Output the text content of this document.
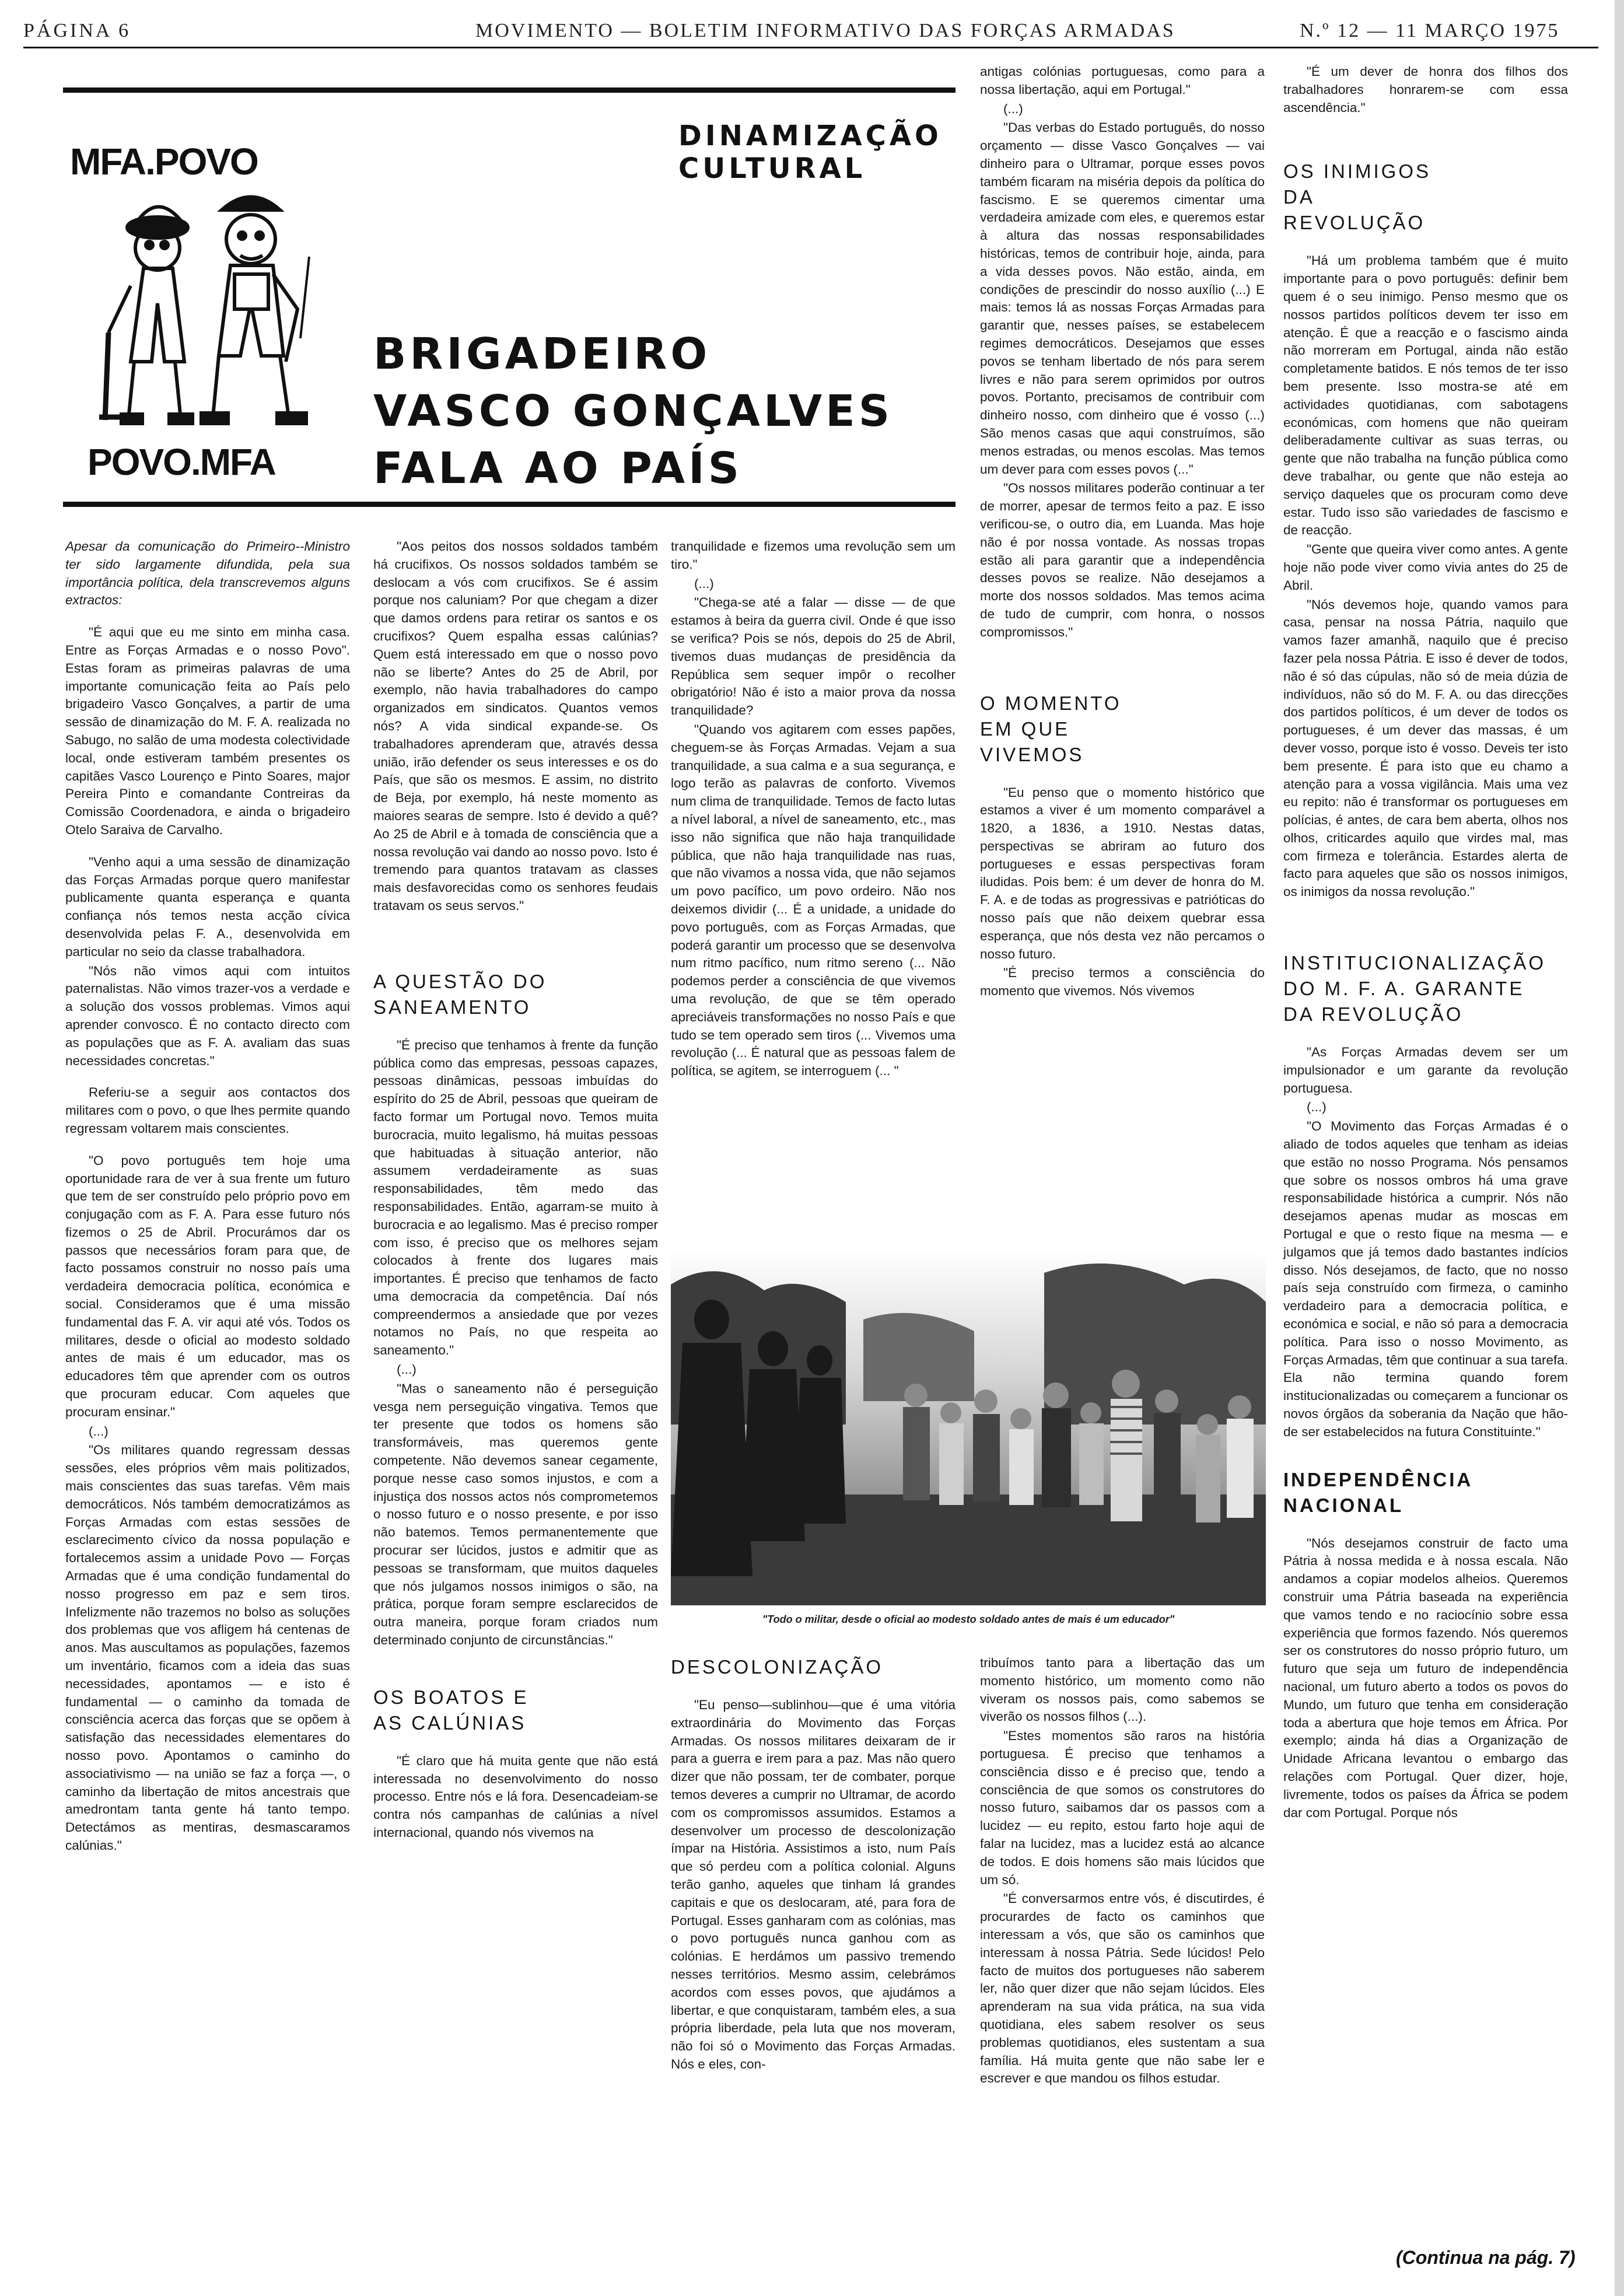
PÁGINA 6	MOVIMENTO — BOLETIM INFORMATIVO DAS FORÇAS ARMADAS	N.º 12 — 11 MARÇO 1975
MFA.POVO
POVO.MFA
DINAMIZAÇÃO
CULTURAL
BRIGADEIRO
VASCO GONÇALVES
FALA AO PAÍS

Apesar da comunicação do Primeiro--Ministro ter sido largamente difundida, pela sua importância política, dela transcrevemos alguns extractos:

"É aqui que eu me sinto em minha casa. Entre as Forças Armadas e o nosso Povo". Estas foram as primeiras palavras de uma importante comunicação feita ao País pelo brigadeiro Vasco Gonçalves, a partir de uma sessão de dinamização do M. F. A. realizada no Sabugo, no salão de uma modesta colectividade local, onde estiveram também presentes os capitães Vasco Lourenço e Pinto Soares, major Pereira Pinto e comandante Contreiras da Comissão Coordenadora, e ainda o brigadeiro Otelo Saraiva de Carvalho.

"Venho aqui a uma sessão de dinamização das Forças Armadas porque quero manifestar publicamente quanta esperança e quanta confiança nós temos nesta acção cívica desenvolvida pelas F. A., desenvolvida em particular no seio da classe trabalhadora.

"Nós não vimos aqui com intuitos paternalistas. Não vimos trazer-vos a verdade e a solução dos vossos problemas. Vimos aqui aprender convosco. É no contacto directo com as populações que as F. A. avaliam das suas necessidades concretas."

Referiu-se a seguir aos contactos dos militares com o povo, o que lhes permite quando regressam voltarem mais conscientes.

"O povo português tem hoje uma oportunidade rara de ver à sua frente um futuro que tem de ser construído pelo próprio povo em conjugação com as F. A. Para esse futuro nós fizemos o 25 de Abril. Procurámos dar os passos que necessários foram para que, de facto possamos construir no nosso país uma verdadeira democracia política, económica e social. Consideramos que é uma missão fundamental das F. A. vir aqui até vós. Todos os militares, desde o oficial ao modesto soldado antes de mais é um educador, mas os educadores têm que aprender com os outros que procuram educar. Com aqueles que procuram ensinar."

(...)

"Os militares quando regressam dessas sessões, eles próprios vêm mais politizados, mais conscientes das suas tarefas. Vêm mais democráticos. Nós também democratizámos as Forças Armadas com estas sessões de esclarecimento cívico da nossa população e fortalecemos assim a unidade Povo — Forças Armadas que é uma condição fundamental do nosso progresso em paz e sem tiros. Infelizmente não trazemos no bolso as soluções dos problemas que vos afligem há centenas de anos. Mas auscultamos as populações, fazemos um inventário, ficamos com a ideia das suas necessidades, apontamos — e isto é fundamental — o caminho da tomada de consciência acerca das forças que se opõem à satisfação das necessidades elementares do nosso povo. Apontamos o caminho do associativismo — na união se faz a força —, o caminho da libertação de mitos ancestrais que amedrontam tanta gente há tanto tempo. Detectámos as mentiras, desmascaramos calúnias."

"Aos peitos dos nossos soldados também há crucifixos. Os nossos soldados também se deslocam a vós com crucifixos. Se é assim porque nos caluniam? Por que chegam a dizer que damos ordens para retirar os santos e os crucifixos? Quem espalha essas calúnias? Quem está interessado em que o nosso povo não se liberte? Antes do 25 de Abril, por exemplo, não havia trabalhadores do campo organizados em sindicatos. Quantos vemos nós? A vida sindical expande-se. Os trabalhadores aprenderam que, através dessa união, irão defender os seus interesses e os do País, que são os mesmos. E assim, no distrito de Beja, por exemplo, há neste momento as maiores searas de sempre. Isto é devido a quê? Ao 25 de Abril e à tomada de consciência que a nossa revolução vai dando ao nosso povo. Isto é tremendo para quantos tratavam as classes mais desfavorecidas como os senhores feudais tratavam os seus servos."

A QUESTÃO DO SANEAMENTO

"É preciso que tenhamos à frente da função pública como das empresas, pessoas capazes, pessoas dinâmicas, pessoas imbuídas do espírito do 25 de Abril, pessoas que queiram de facto formar um Portugal novo. Temos muita burocracia, muito legalismo, há muitas pessoas que habituadas à situação anterior, não assumem verdadeiramente as suas responsabilidades, têm medo das responsabilidades. Então, agarram-se muito à burocracia e ao legalismo. Mas é preciso romper com isso, é preciso que os melhores sejam colocados à frente dos lugares mais importantes. É preciso que tenhamos de facto uma democracia da competência. Daí nós compreendermos a ansiedade que por vezes notamos no País, no que respeita ao saneamento."

(...)

"Mas o saneamento não é perseguição vesga nem perseguição vingativa. Temos que ter presente que todos os homens são transformáveis, mas queremos gente competente. Não devemos sanear cegamente, porque nesse caso somos injustos, e com a injustiça dos nossos actos nós comprometemos o nosso futuro e o nosso presente, e por isso não batemos. Temos permanentemente que procurar ser lúcidos, justos e admitir que as pessoas se transformam, que muitos daqueles que nós julgamos nossos inimigos o são, na prática, porque foram sempre esclarecidos de outra maneira, porque foram criados num determinado conjunto de circunstâncias."

OS BOATOS E AS CALÚNIAS

"É claro que há muita gente que não está interessada no desenvolvimento do nosso processo. Entre nós e lá fora. Desencadeiam-se contra nós campanhas de calúnias a nível internacional, quando nós vivemos na

tranquilidade e fizemos uma revolução sem um tiro."

(...)

"Chega-se até a falar — disse — de que estamos à beira da guerra civil. Onde é que isso se verifica? Pois se nós, depois do 25 de Abril, tivemos duas mudanças de presidência da República sem sequer impôr o recolher obrigatório! Não é isto a maior prova da nossa tranquilidade?

"Quando vos agitarem com esses papões, cheguem-se às Forças Armadas. Vejam a sua tranquilidade, a sua calma e a sua segurança, e logo terão as palavras de conforto. Vivemos num clima de tranquilidade. Temos de facto lutas a nível laboral, a nível de saneamento, etc., mas isso não significa que não haja tranquilidade pública, que não haja tranquilidade nas ruas, que não vivamos a nossa vida, que não sejamos um povo pacífico, um povo ordeiro. Não nos deixemos dividir (... É a unidade, a unidade do povo português, com as Forças Armadas, que poderá garantir um processo que se desenvolva num ritmo pacífico, num ritmo sereno (... Não podemos perder a consciência de que vivemos uma revolução, de que se têm operado apreciáveis transformações no nosso País e que tudo se tem operado sem tiros (... Vivemos uma revolução (... É natural que as pessoas falem de política, se agitem, se interroguem (... "

antigas colónias portuguesas, como para a nossa libertação, aqui em Portugal."

(...)

"Das verbas do Estado português, do nosso orçamento — disse Vasco Gonçalves — vai dinheiro para o Ultramar, porque esses povos também ficaram na miséria depois da política do fascismo. E se queremos cimentar uma verdadeira amizade com eles, e queremos estar à altura das nossas responsabilidades históricas, temos de contribuir hoje, ainda, para a vida desses povos. Não estão, ainda, em condições de prescindir do nosso auxílio (...) E mais: temos lá as nossas Forças Armadas para garantir que, nesses países, se estabelecem regimes democráticos. Desejamos que esses povos se tenham libertado de nós para serem livres e não para serem oprimidos por outros povos. Portanto, precisamos de contribuir com dinheiro nosso, com dinheiro que é vosso (...) São menos casas que aqui construímos, são menos estradas, ou menos escolas. Mas temos um dever para com esses povos (..."

"Os nossos militares poderão continuar a ter de morrer, apesar de termos feito a paz. E isso verificou-se, o outro dia, em Luanda. Mas hoje não é por nossa vontade. As nossas tropas estão ali para garantir que a independência desses povos se realize. Não desejamos a morte dos nossos soldados. Mas temos acima de tudo de cumprir, com honra, o nossos compromissos."

O MOMENTO EM QUE VIVEMOS

"Eu penso que o momento histórico que estamos a viver é um momento comparável a 1820, a 1836, a 1910. Nestas datas, perspectivas se abriram ao futuro dos portugueses e essas perspectivas foram iludidas. Pois bem: é um dever de honra do M. F. A. e de todas as progressivas e patrióticas do nosso país que não deixem quebrar essa esperança, que nós desta vez não percamos o nosso futuro.

"É preciso termos a consciência do momento que vivemos. Nós vivemos

"Todo o militar, desde o oficial ao modesto soldado antes de mais é um educador"

DESCOLONIZAÇÃO

"Eu penso—sublinhou—que é uma vitória extraordinária do Movimento das Forças Armadas. Os nossos militares deixaram de ir para a guerra e irem para a paz. Mas não quero dizer que não possam, ter de combater, porque temos deveres a cumprir no Ultramar, de acordo com os compromissos assumidos. Estamos a desenvolver um processo de descolonização ímpar na História. Assistimos a isto, num País que só perdeu com a política colonial. Alguns terão ganho, aqueles que tinham lá grandes capitais e que os deslocaram, até, para fora de Portugal. Esses ganharam com as colónias, mas o povo português nunca ganhou com as colónias. E herdámos um passivo tremendo nesses territórios. Mesmo assim, celebrámos acordos com esses povos, que ajudámos a libertar, e que conquistaram, também eles, a sua própria liberdade, pela luta que nos moveram, não foi só o Movimento das Forças Armadas. Nós e eles, con-

tribuímos tanto para a libertação das um momento histórico, um momento como não viveram os nossos pais, como sabemos se viverão os nossos filhos (...).

"Estes momentos são raros na história portuguesa. É preciso que tenhamos a consciência disso e é preciso que, tendo a consciência de que somos os construtores do nosso futuro, saibamos dar os passos com a lucidez — eu repito, estou farto hoje aqui de falar na lucidez, mas a lucidez está ao alcance de todos. E dois homens são mais lúcidos que um só.

"É conversarmos entre vós, é discutirdes, é procurardes de facto os caminhos que interessam a vós, que são os caminhos que interessam à nossa Pátria. Sede lúcidos! Pelo facto de muitos dos portugueses não saberem ler, não quer dizer que não sejam lúcidos. Eles aprenderam na sua vida prática, na sua vida quotidiana, eles sabem resolver os seus problemas quotidianos, eles sustentam a sua família. Há muita gente que não sabe ler e escrever e que mandou os filhos estudar.

"É um dever de honra dos filhos dos trabalhadores honrarem-se com essa ascendência."

OS INIMIGOS DA REVOLUÇÃO

"Há um problema também que é muito importante para o povo português: definir bem quem é o seu inimigo. Penso mesmo que os nossos partidos políticos devem ter isso em atenção. É que a reacção e o fascismo ainda não morreram em Portugal, ainda não estão completamente batidos. E nós temos de ter isso bem presente. Isso mostra-se até em actividades quotidianas, com sabotagens económicas, com homens que não queiram deliberadamente cultivar as suas terras, ou gente que não trabalha na função pública como deve trabalhar, ou gente que não esteja ao serviço daqueles que os procuram como deve estar. Tudo isso são variedades de fascismo e de reacção.

"Gente que queira viver como antes. A gente hoje não pode viver como vivia antes do 25 de Abril.

"Nós devemos hoje, quando vamos para casa, pensar na nossa Pátria, naquilo que vamos fazer amanhã, naquilo que é preciso fazer pela nossa Pátria. E isso é dever de todos, não é só das cúpulas, não só de meia dúzia de indivíduos, não só do M. F. A. ou das direcções dos partidos políticos, é um dever de todos os portugueses, é um dever das massas, é um dever vosso, porque isto é vosso. Deveis ter isto bem presente. É para isto que eu chamo a atenção para a vossa vigilância. Mais uma vez eu repito: não é transformar os portugueses em polícias, é antes, de cara bem aberta, olhos nos olhos, criticardes aquilo que virdes mal, mas com firmeza e tolerância. Estardes alerta de facto para aqueles que são os nossos inimigos, os inimigos da nossa revolução."

INSTITUCIONALIZAÇÃO DO M. F. A. GARANTE DA REVOLUÇÃO

"As Forças Armadas devem ser um impulsionador e um garante da revolução portuguesa.

(...)

"O Movimento das Forças Armadas é o aliado de todos aqueles que tenham as ideias que estão no nosso Programa. Nós pensamos que sobre os nossos ombros há uma grave responsabilidade histórica a cumprir. Nós não desejamos apenas mudar as moscas em Portugal e que o resto fique na mesma — e julgamos que já temos dado bastantes indícios disso. Nós desejamos, de facto, que no nosso país seja construído com firmeza, o caminho verdadeiro para a democracia política, e económica e social, e não só para a democracia política. Para isso o nosso Movimento, as Forças Armadas, têm que continuar a sua tarefa. Ela não termina quando forem institucionalizadas ou começarem a funcionar os novos órgãos da soberania da Nação que hão-de ser estabelecidos na futura Constituinte."

INDEPENDÊNCIA NACIONAL

"Nós desejamos construir de facto uma Pátria à nossa medida e à nossa escala. Não andamos a copiar modelos alheios. Queremos construir uma Pátria baseada na experiência que vamos tendo e no raciocínio sobre essa experiência que formos fazendo. Nós queremos ser os construtores do nosso próprio futuro, um futuro que seja um futuro de independência nacional, um futuro aberto a todos os povos do Mundo, um futuro que tenha em consideração toda a abertura que hoje temos em África. Por exemplo; ainda há dias a Organização de Unidade Africana levantou o embargo das relações com Portugal. Quer dizer, hoje, livremente, todos os países da África se podem dar com Portugal. Porque nós

(Continua na pág. 7)
